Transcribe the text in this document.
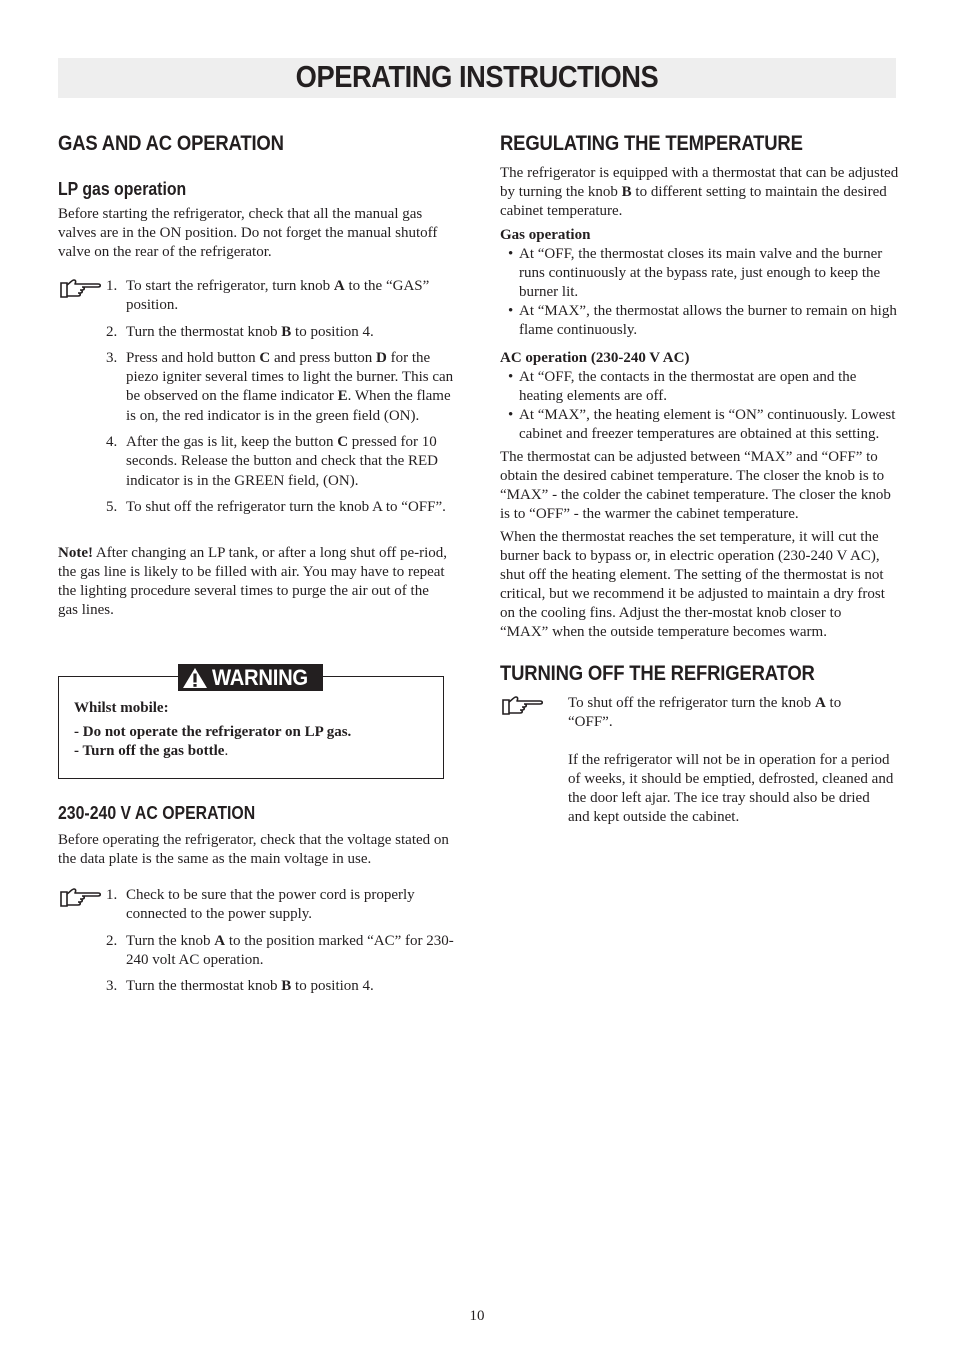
OPERATING INSTRUCTIONS
GAS AND AC OPERATION
LP gas operation
Before starting the refrigerator, check that all the manual gas valves are in the ON position. Do not forget the manual shutoff valve on the rear of the refrigerator.
1. To start the refrigerator, turn knob A to the “GAS” position.
2. Turn the thermostat knob B to position 4.
3. Press and hold button C and press button D for the piezo igniter several times to light the burner. This can be observed on the flame indicator E. When the flame is on, the red indicator is in the green field (ON).
4. After the gas is lit, keep the button C pressed for 10 seconds. Release the button and check that the RED indicator is in the GREEN field, (ON).
5. To shut off the refrigerator turn the knob A to “OFF”.
Note! After changing an LP tank, or after a long shut off pe-riod, the gas line is likely to be filled with air. You may have to repeat the lighting procedure several times to purge the air out of the gas lines.
Whilst mobile:
- Do not operate the refrigerator on LP gas.
- Turn off the gas bottle.
WARNING
230-240 V AC OPERATION
Before operating the refrigerator, check that the voltage stated on the data plate is the same as the main voltage in use.
1. Check to be sure that the power cord is properly connected to the power supply.
2. Turn the knob A to the position marked “AC” for 230-240 volt AC operation.
3. Turn the thermostat knob B to position 4.
REGULATING THE TEMPERATURE
The refrigerator is equipped with a thermostat that can be adjusted by turning the knob B to different setting to maintain the desired cabinet temperature.
Gas operation
• At “OFF, the thermostat closes its main valve and the burner runs continuously at the bypass rate, just enough to keep the burner lit.
• At “MAX”, the thermostat allows the burner to remain on high flame continuously.
AC operation (230-240 V AC)
• At “OFF, the contacts in the thermostat are open and the heating elements are off.
• At “MAX”, the heating element is “ON” continuously. Lowest cabinet and freezer temperatures are obtained at this setting.
The thermostat can be adjusted between “MAX” and “OFF” to obtain the desired cabinet temperature. The closer the knob is to “MAX” - the colder the cabinet temperature. The closer the knob is to “OFF” - the warmer the cabinet temperature.
When the thermostat reaches the set temperature, it will cut the burner back to bypass or, in electric operation (230-240 V AC), shut off the heating element. The setting of the thermostat is not critical, but we recommend it be adjusted to maintain a dry frost on the cooling fins. Adjust the ther-mostat knob closer to “MAX” when the outside temperature becomes warm.
TURNING OFF THE REFRIGERATOR
To shut off the refrigerator turn the knob A to “OFF”.
If the refrigerator will not be in operation for a period of weeks, it should be emptied, defrosted, cleaned and the door left ajar. The ice tray should also be dried and kept outside the cabinet.
10
